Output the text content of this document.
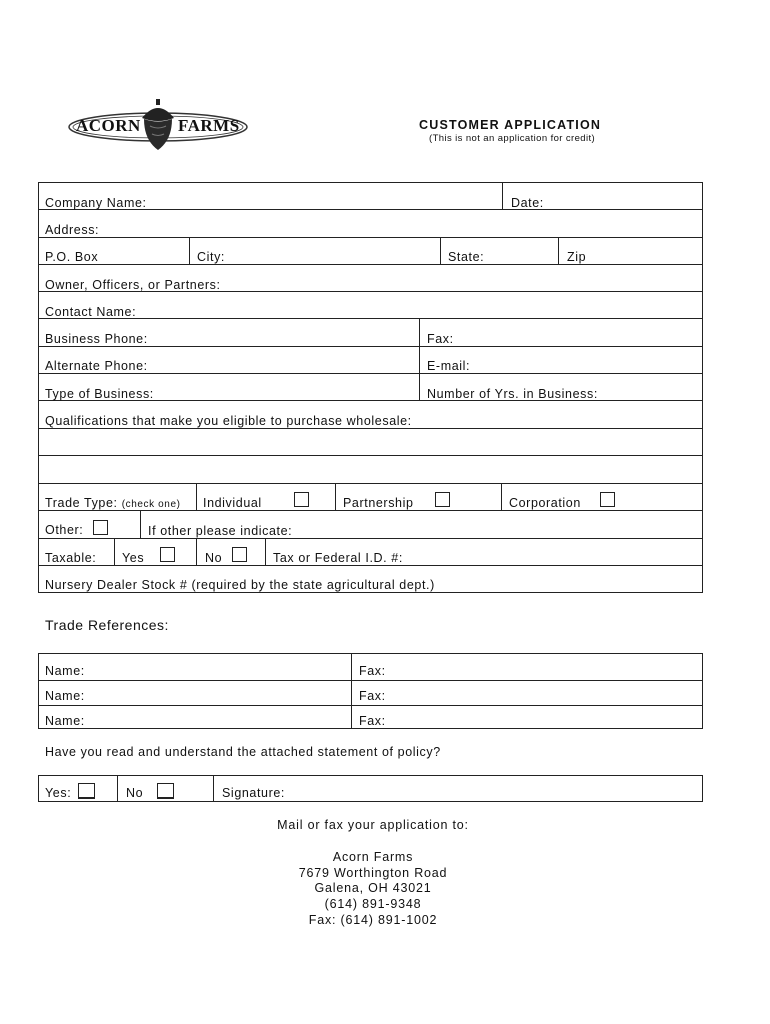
ACORN FARMS	CUSTOMER APPLICATION
(This is not an application for credit)
Company Name:	Date:
Address:
P.O. Box	City:	State:	Zip
Owner, Officers, or Partners:
Contact Name:
Business Phone:	Fax:
Alternate Phone:	E-mail:
Type of Business:	Number of Yrs. in Business:
Qualifications that make you eligible to purchase wholesale:
Trade Type: (check one) Individual	Partnership	Corporation
Other:	If other please indicate:
Taxable: Yes	No	Tax or Federal I.D. #:
Nursery Dealer Stock # (required by the state agricultural dept.)
Trade References:
Name:	Fax:
Name:	Fax:
Name:	Fax:
Have you read and understand the attached statement of policy?
Yes:	No	Signature:
Mail or fax your application to:
Acorn Farms
7679 Worthington Road
Galena, OH 43021
(614) 891-9348
Fax: (614) 891-1002
